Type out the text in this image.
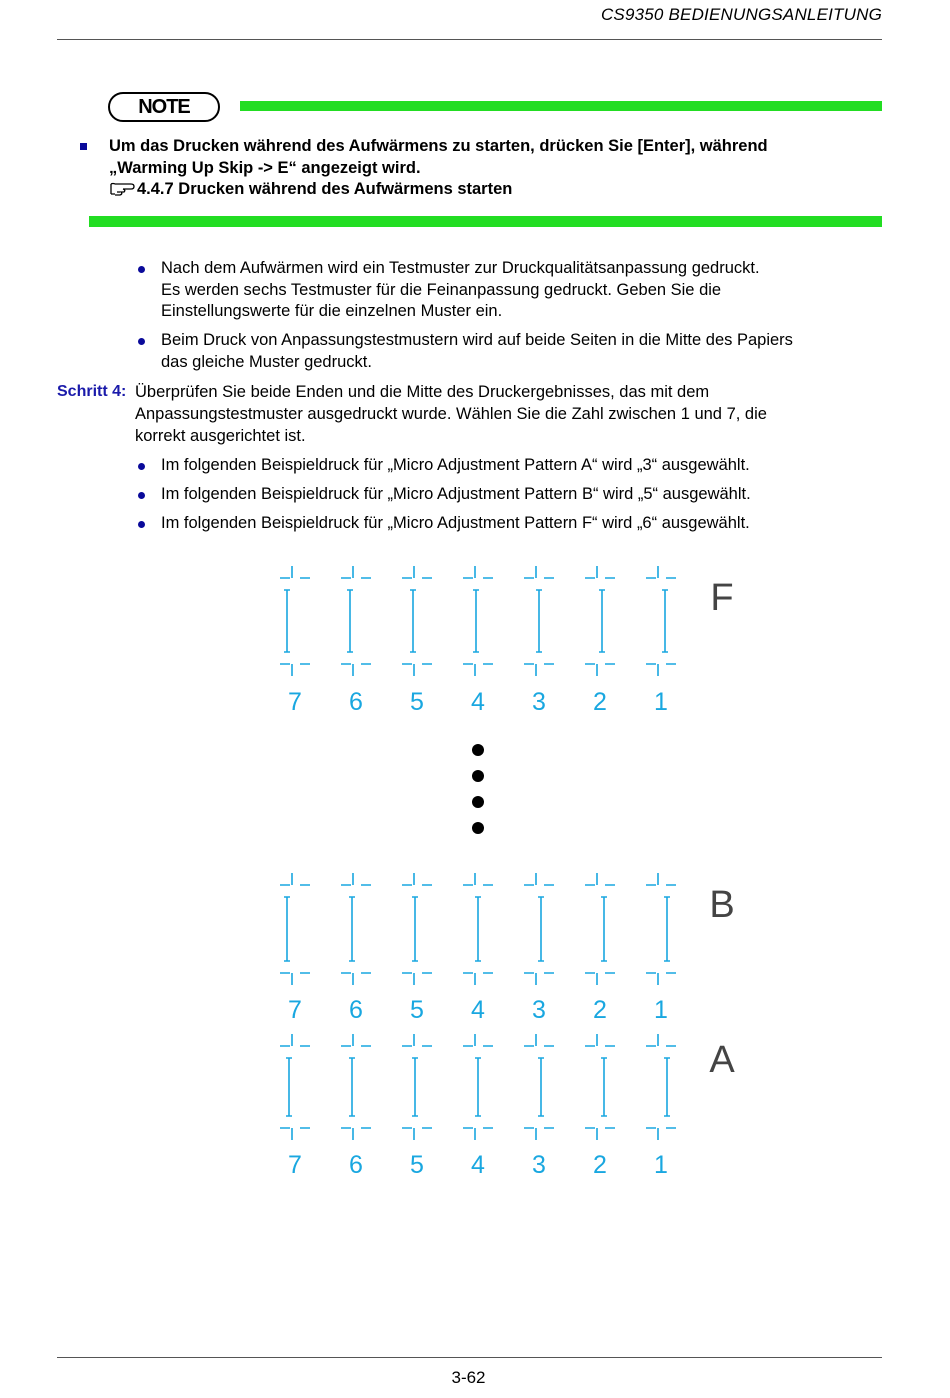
CS9350 BEDIENUNGSANLEITUNG
NOTE
Um das Drucken während des Aufwärmens zu starten, drücken Sie [Enter], während
„Warming Up Skip -> E“ angezeigt wird.
4.4.7 Drucken während des Aufwärmens starten
Nach dem Aufwärmen wird ein Testmuster zur Druckqualitätsanpassung gedruckt.
Es werden sechs Testmuster für die Feinanpassung gedruckt. Geben Sie die
Einstellungswerte für die einzelnen Muster ein.
Beim Druck von Anpassungstestmustern wird auf beide Seiten in die Mitte des Papiers
das gleiche Muster gedruckt.
Schritt 4: Überprüfen Sie beide Enden und die Mitte des Druckergebnisses, das mit dem
Anpassungstestmuster ausgedruckt wurde. Wählen Sie die Zahl zwischen 1 und 7, die
korrekt ausgerichtet ist.
Im folgenden Beispieldruck für „Micro Adjustment Pattern A“ wird „3“ ausgewählt.
Im folgenden Beispieldruck für „Micro Adjustment Pattern B“ wird „5“ ausgewählt.
Im folgenden Beispieldruck für „Micro Adjustment Pattern F“ wird „6“ ausgewählt.
7 6 5 4 3 2 1
F
7 6 5 4 3 2 1
B
7 6 5 4 3 2 1
A
3-62
